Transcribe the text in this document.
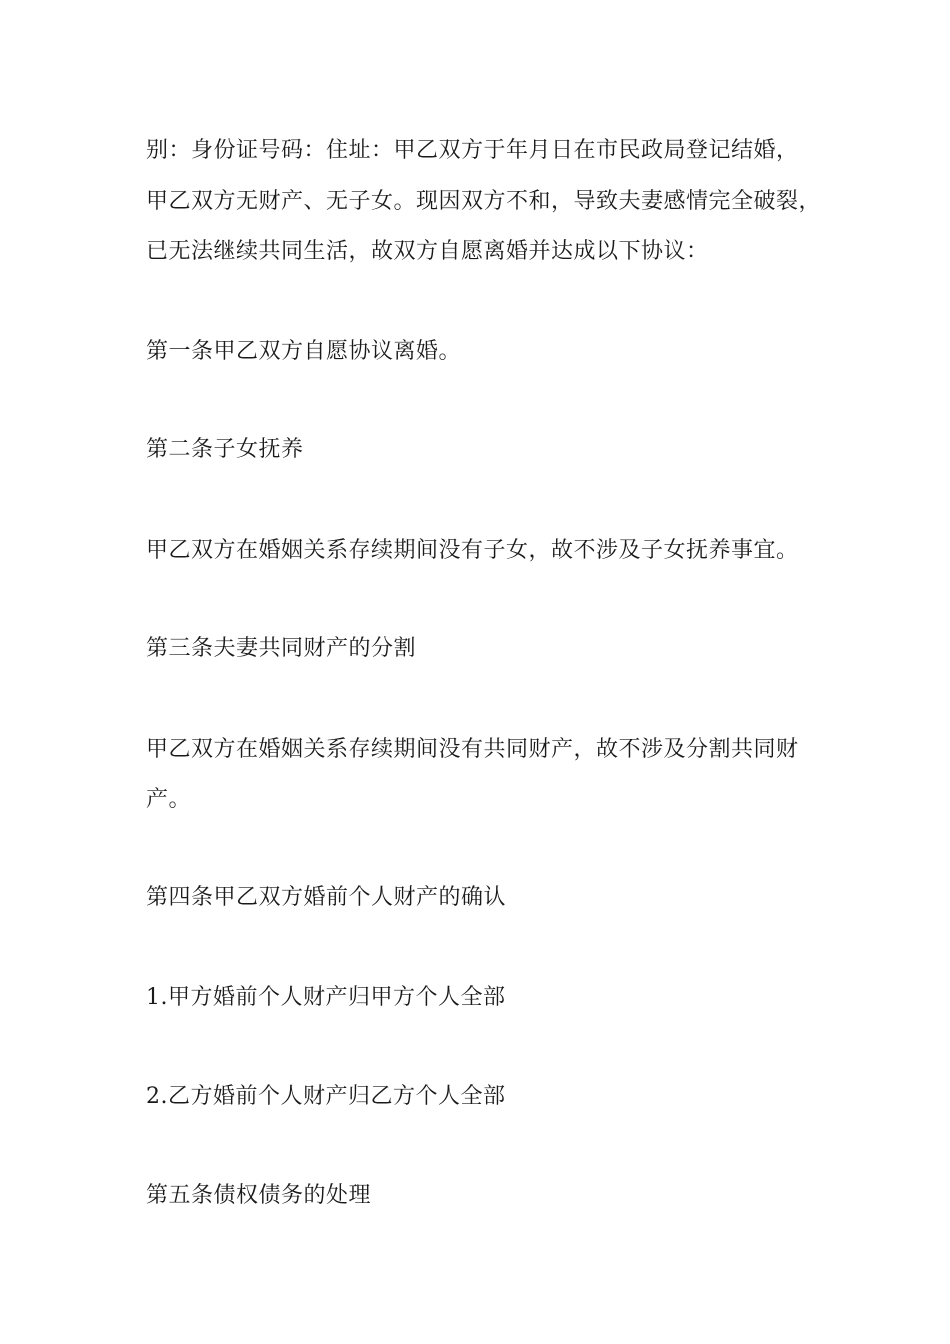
别：身份证号码：住址：甲乙双方于年月日在市民政局登记结婚，
甲乙双方无财产、无子女。现因双方不和，导致夫妻感情完全破裂，
已无法继续共同生活，故双方自愿离婚并达成以下协议：
第一条甲乙双方自愿协议离婚。
第二条子女抚养
甲乙双方在婚姻关系存续期间没有子女，故不涉及子女抚养事宜。
第三条夫妻共同财产的分割
甲乙双方在婚姻关系存续期间没有共同财产，故不涉及分割共同财
产。
第四条甲乙双方婚前个人财产的确认
1.甲方婚前个人财产归甲方个人全部
2.乙方婚前个人财产归乙方个人全部
第五条债权债务的处理
